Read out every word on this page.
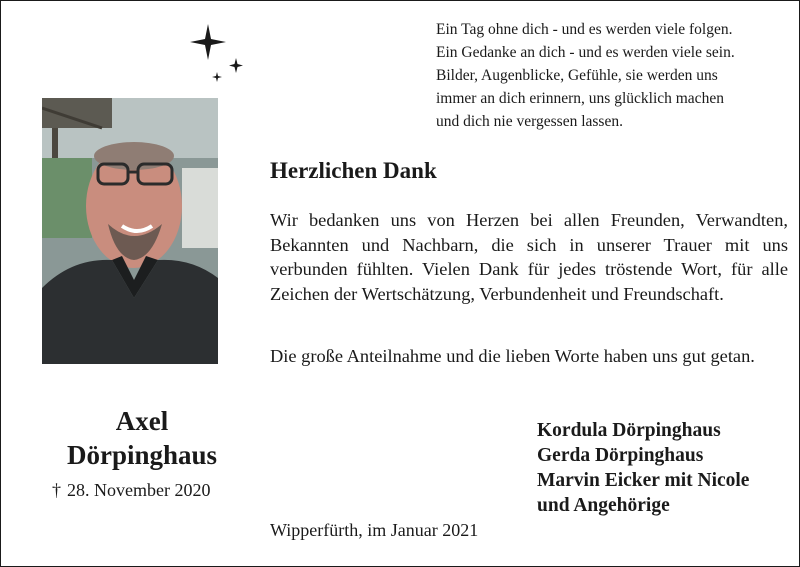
Ein Tag ohne dich - und es werden viele folgen.
Ein Gedanke an dich - und es werden viele sein.
Bilder, Augenblicke, Gefühle, sie werden uns
immer an dich erinnern, uns glücklich machen
und dich nie vergessen lassen.
Herzlichen Dank
Wir bedanken uns von Herzen bei allen Freunden, Verwandten, Bekannten und Nachbarn, die sich in unserer Trauer mit uns verbunden fühlten. Vielen Dank für jedes tröstende Wort, für alle Zeichen der Wertschätzung, Verbundenheit und Freundschaft.
Die große Anteilnahme und die lieben Worte haben uns gut getan.
Axel
Dörpinghaus
† 28. November 2020
Kordula Dörpinghaus
Gerda Dörpinghaus
Marvin Eicker mit Nicole
und Angehörige
Wipperfürth, im Januar 2021
